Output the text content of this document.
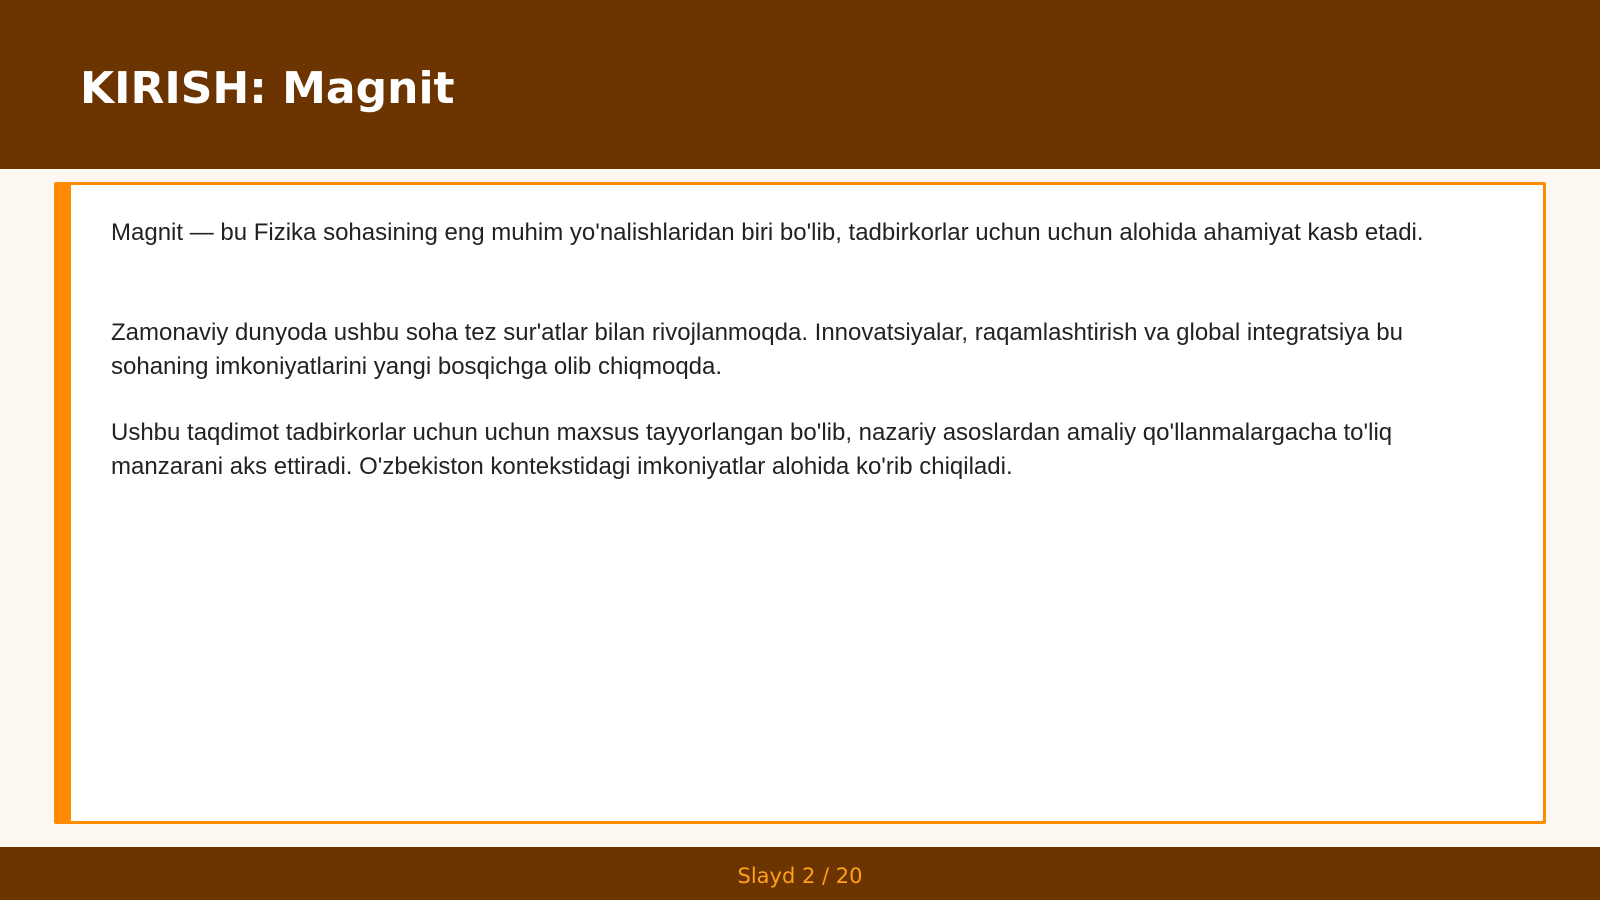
KIRISH: Magnit

Magnit — bu Fizika sohasining eng muhim yo'nalishlaridan biri bo'lib, tadbirkorlar uchun uchun alohida ahamiyat kasb etadi.

Zamonaviy dunyoda ushbu soha tez sur'atlar bilan rivojlanmoqda. Innovatsiyalar, raqamlashtirish va global integratsiya bu sohaning imkoniyatlarini yangi bosqichga olib chiqmoqda.

Ushbu taqdimot tadbirkorlar uchun uchun maxsus tayyorlangan bo'lib, nazariy asoslardan amaliy qo'llanmalargacha to'liq manzarani aks ettiradi. O'zbekiston kontekstidagi imkoniyatlar alohida ko'rib chiqiladi.

Slayd 2 / 20
